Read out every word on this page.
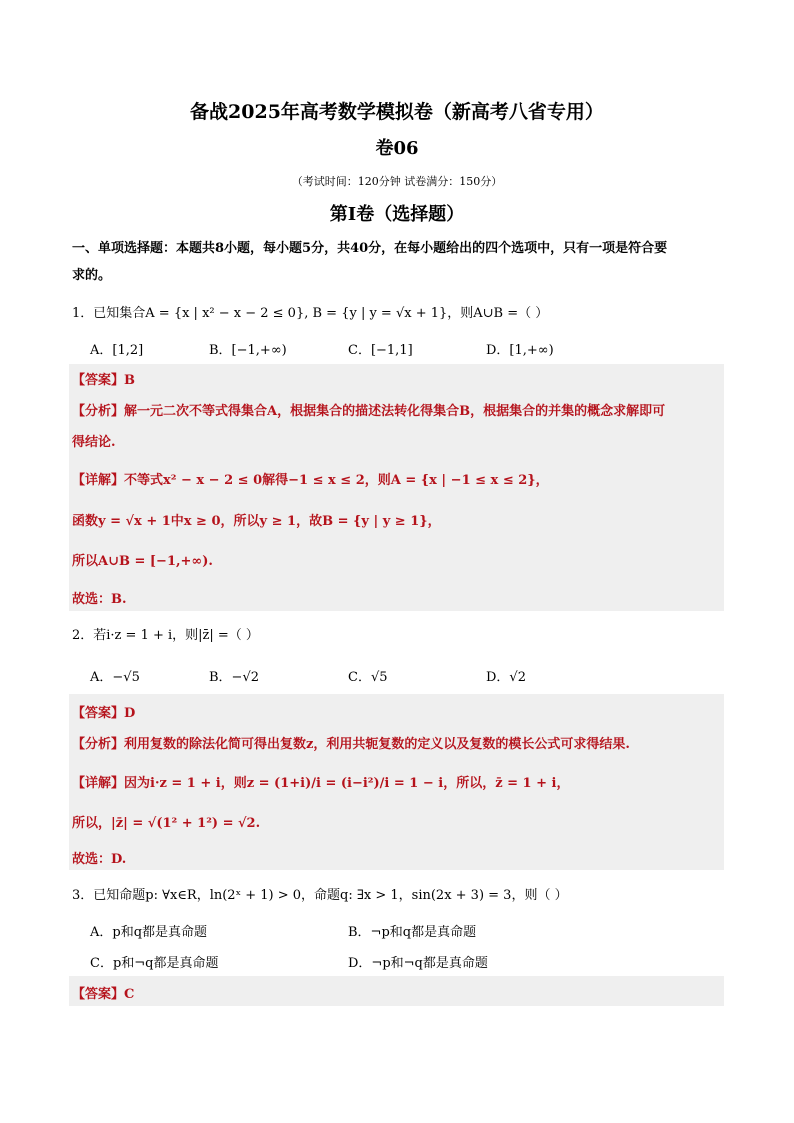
备战2025年高考数学模拟卷（新高考八省专用）
卷06
（考试时间：120分钟 试卷满分：150分）
第I卷（选择题）
一、单项选择题：本题共8小题，每小题5分，共40分，在每小题给出的四个选项中，只有一项是符合要
求的。
1．已知集合A = {x | x² − x − 2 ≤ 0}, B = {y | y = √x + 1}，则A∪B =（ ）
A．[1,2]	B．[−1,+∞)	C．[−1,1]	D．[1,+∞)
【答案】B
【分析】解一元二次不等式得集合A，根据集合的描述法转化得集合B，根据集合的并集的概念求解即可
得结论.
【详解】不等式x² − x − 2 ≤ 0解得−1 ≤ x ≤ 2，则A = {x | −1 ≤ x ≤ 2}，
函数y = √x + 1中x ≥ 0，所以y ≥ 1，故B = {y | y ≥ 1}，
所以A∪B = [−1,+∞).
故选：B.
2．若i·z = 1 + i，则|z̄| =（ ）
A．−√5	B．−√2	C．√5	D．√2
【答案】D
【分析】利用复数的除法化简可得出复数z，利用共轭复数的定义以及复数的模长公式可求得结果.
【详解】因为i·z = 1 + i，则z = (1+i)/i = (i−i²)/i = 1 − i，所以，z̄ = 1 + i，
所以，|z̄| = √(1² + 1²) = √2.
故选：D.
3．已知命题p: ∀x∈R，ln(2ˣ + 1) > 0，命题q: ∃x > 1，sin(2x + 3) = 3，则（ ）
A．p和q都是真命题	B．¬p和q都是真命题
C．p和¬q都是真命题	D．¬p和¬q都是真命题
【答案】C
